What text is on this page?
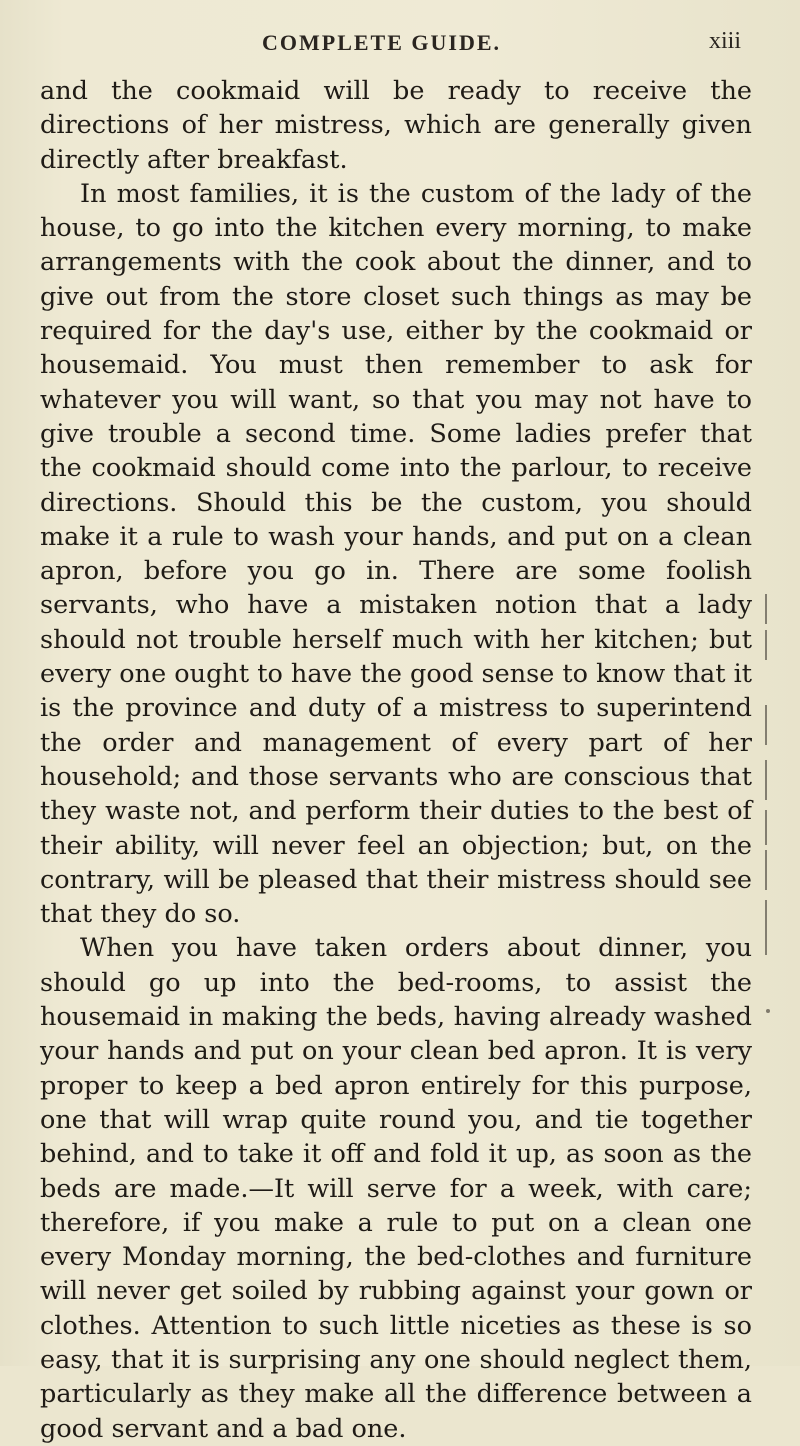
COMPLETE GUIDE.	xiii

and the cookmaid will be ready to receive the directions of her mistress, which are generally given directly after breakfast.

In most families, it is the custom of the lady of the house, to go into the kitchen every morning, to make arrangements with the cook about the dinner, and to give out from the store closet such things as may be required for the day's use, either by the cookmaid or housemaid. You must then remember to ask for whatever you will want, so that you may not have to give trouble a second time. Some ladies prefer that the cookmaid should come into the parlour, to receive directions. Should this be the custom, you should make it a rule to wash your hands, and put on a clean apron, before you go in. There are some foolish servants, who have a mistaken notion that a lady should not trouble herself much with her kitchen; but every one ought to have the good sense to know that it is the province and duty of a mistress to superintend the order and management of every part of her household; and those servants who are conscious that they waste not, and perform their duties to the best of their ability, will never feel an objection; but, on the contrary, will be pleased that their mistress should see that they do so.

When you have taken orders about dinner, you should go up into the bed-rooms, to assist the housemaid in making the beds, having already washed your hands and put on your clean bed apron. It is very proper to keep a bed apron entirely for this purpose, one that will wrap quite round you, and tie together behind, and to take it off and fold it up, as soon as the beds are made.—It will serve for a week, with care; therefore, if you make a rule to put on a clean one every Monday morning, the bed-clothes and furniture will never get soiled by rubbing against your gown or clothes. Attention to such little niceties as these is so easy, that it is surprising any one should neglect them, particularly as they make all the difference between a good servant and a bad one.
